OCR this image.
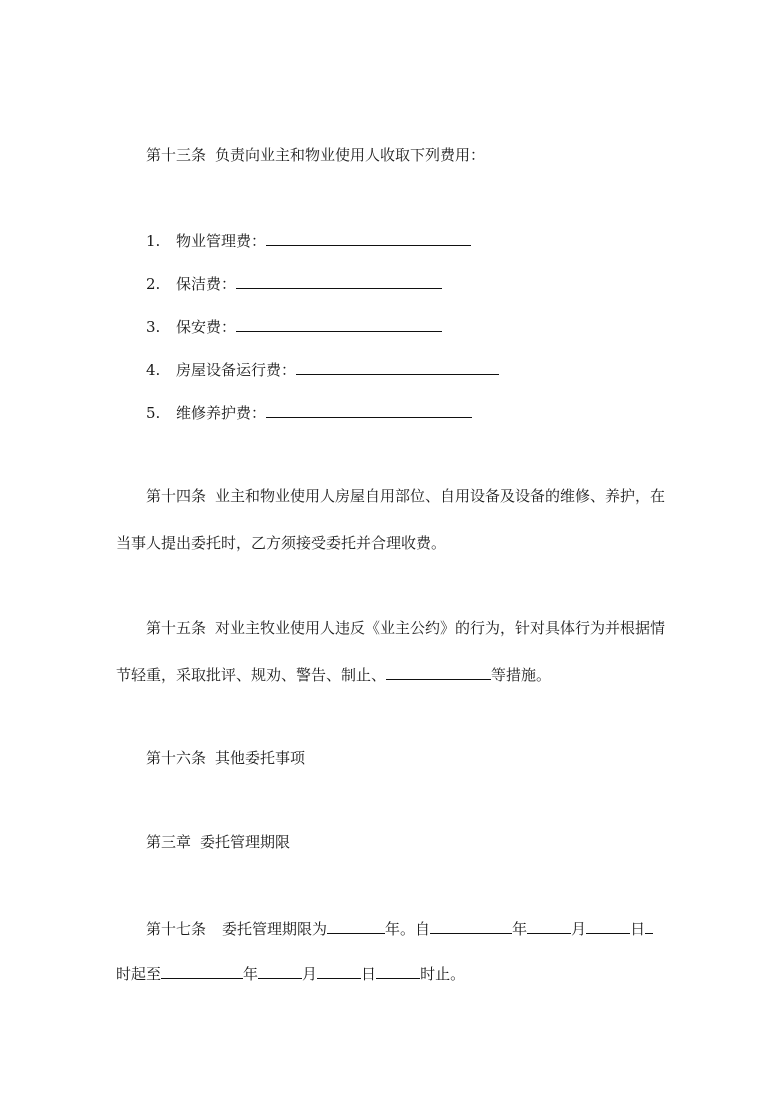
第十三条 负责向业主和物业使用人收取下列费用：
1. 物业管理费：
2. 保洁费：
3. 保安费：
4. 房屋设备运行费：
5. 维修养护费：
第十四条 业主和物业使用人房屋自用部位、自用设备及设备的维修、养护，在
当事人提出委托时，乙方须接受委托并合理收费。
第十五条 对业主牧业使用人违反《业主公约》的行为，针对具体行为并根据情
节轻重，采取批评、规劝、警告、制止、	等措施。
第十六条 其他委托事项
第三章 委托管理期限
第十七条 委托管理期限为	年。自	年	月	日
时起至	年	月	日	时止。
